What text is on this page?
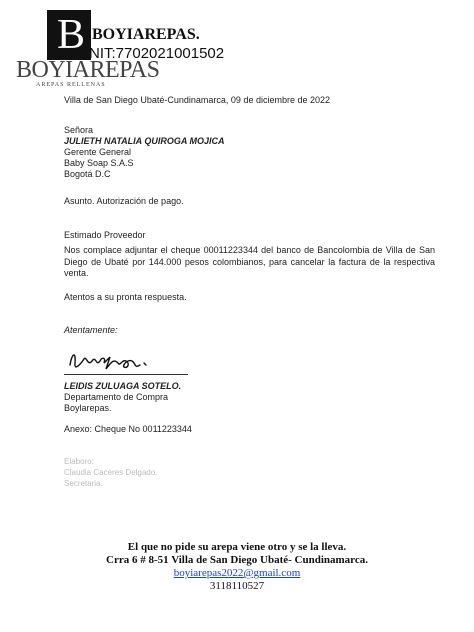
B
BOYIAREPAS
AREPAS RELLENAS
BOYIAREPAS.
NIT:7702021001502
Villa de San Diego Ubaté-Cundinamarca, 09 de diciembre de 2022
Señora
JULIETH NATALIA QUIROGA MOJICA
Gerente General
Baby Soap S.A.S
Bogotá D.C
Asunto. Autorización de pago.
Estimado Proveedor
Nos complace adjuntar el cheque 00011223344 del banco de Bancolombia de Villa de San Diego de Ubaté por 144.000 pesos colombianos, para cancelar la factura de la respectiva venta.
Atentos a su pronta respuesta.
Atentamente:
LEIDIS ZULUAGA SOTELO.
Departamento de Compra
Boylarepas.
Anexo: Cheque No 0011223344
Elaboro:
Claudia Caceres Delgado.
Secretaria.
El que no pide su arepa viene otro y se la lleva.
Crra 6 # 8-51 Villa de San Diego Ubaté- Cundinamarca.
boyiarepas2022@gmail.com
3118110527
